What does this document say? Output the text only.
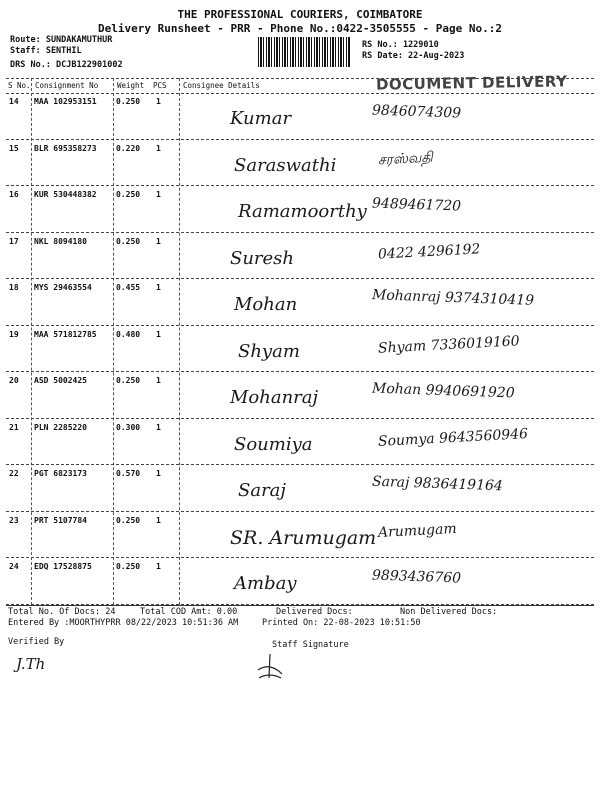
THE PROFESSIONAL COURIERS, COIMBATORE
Delivery Runsheet - PRR - Phone No.:0422-3505555 - Page No.:2
Route: SUNDAKAMUTHUR
Staff: SENTHIL
DRS No.: DCJB122901002
RS No.: 1229010
RS Date: 22-Aug-2023
DOCUMENT DELIVERY
S No. Consignment No	Weight PCS Consignee Details
14 MAA 102953151 0.250 1
Kumar	9846074309
15 BLR 695358273 0.220 1
Saraswathi	சரஸ்வதி
16 KUR 530448382 0.250 1
Ramamoorthy 9489461720
17 NKL 8094180	0.250 1
Suresh	0422 4296192
18 MYS 29463554	0.455 1
Mohan	Mohanraj 9374310419
19 MAA 571812785 0.480 1
Shyam	Shyam 7336019160
20 ASD 5002425	0.250 1
Mohanraj	Mohan 9940691920
21 PLN 2285220	0.300 1
Soumiya	Soumya 9643560946
22 PGT 6823173	0.570 1
Saraj	Saraj 9836419164
23 PRT 5107784	0.250 1
SR. Arumugam Arumugam
24 EDQ 17528875	0.250 1
Ambay	9893436760
Total No. Of Docs: 24	Total COD Amt: 0.00	Delivered Docs:	Non Delivered Docs:
Entered By :MOORTHYPRR 08/22/2023 10:51:36 AM	Printed On: 22-08-2023 10:51:50
Verified By	Staff Signature
J.Th
